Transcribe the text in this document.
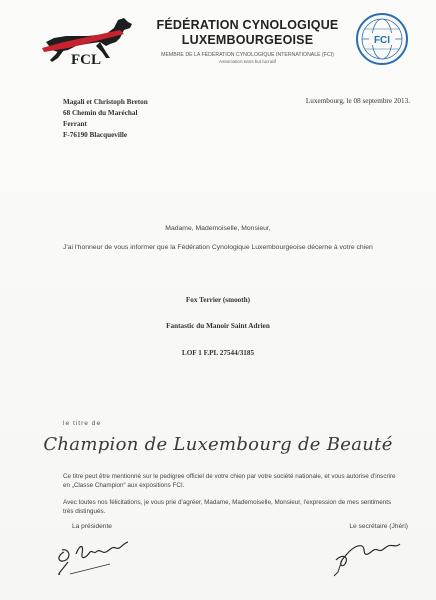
FCL
FÉDÉRATION CYNOLOGIQUE
LUXEMBOURGEOISE
MEMBRE DE LA FÉDÉRATION CYNOLOGIQUE INTERNATIONALE (FCI)
Association sans but lucratif
FCI
Magali et Christoph Breton
68 Chemin du Maréchal
Ferrant
F-76190 Blacqueville
Luxembourg, le 08 septembre 2013.
Madame, Mademoiselle, Monsieur,
J'ai l'honneur de vous informer que la Fédération Cynologique Luxembourgeoise décerne à votre chien
Fox Terrier (smooth)
Fantastic du Manoir Saint Adrien
LOF 1 F.PL 27544/3185
le titre de
Champion de Luxembourg de Beauté
Ce titre peut être mentionné sur le pedigree officiel de votre chien par votre société nationale, et vous autorise d'inscrire en „Classe Champion“ aux expositions FCI.
Avec toutes nos félicitations, je vous prie d'agréer, Madame, Mademoiselle, Monsieur, l'expression de mes sentiments très distingués.
La présidente	Le secrétaire (Jhéri)
